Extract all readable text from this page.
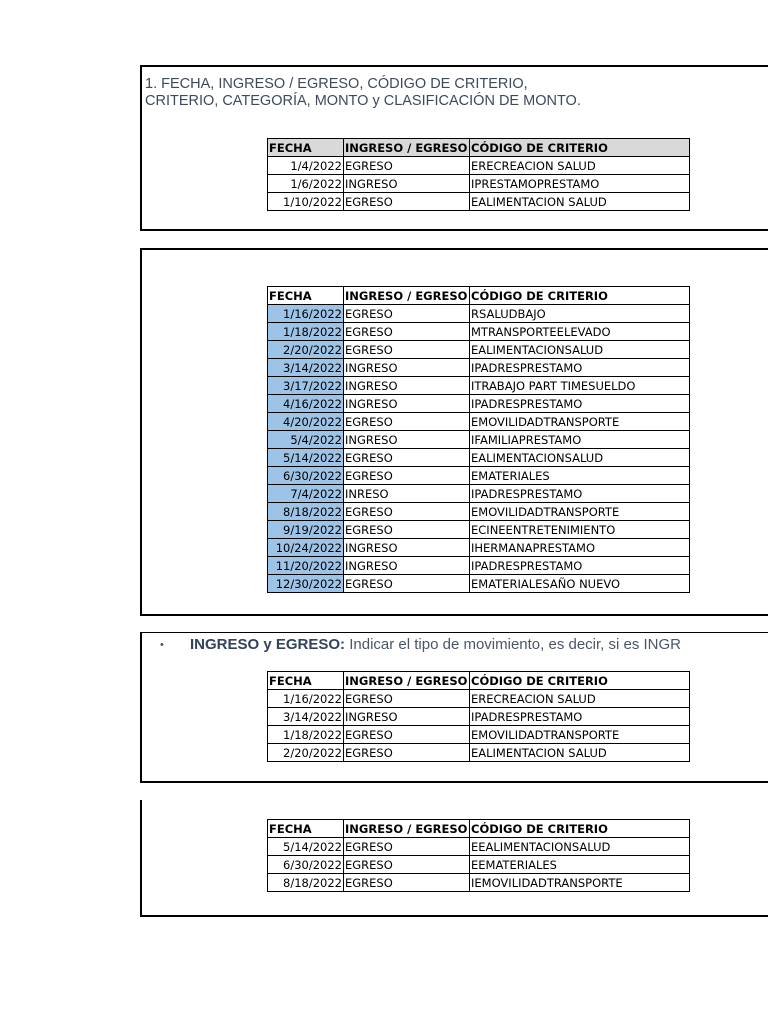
1. FECHA, INGRESO / EGRESO, CÓDIGO DE CRITERIO,
CRITERIO, CATEGORÍA, MONTO y CLASIFICACIÓN DE MONTO.
FECHA	INGRESO / EGRESO	CÓDIGO DE CRITERIO
1/4/2022	EGRESO	ERECREACION SALUD
1/6/2022	INGRESO	IPRESTAMOPRESTAMO
1/10/2022	EGRESO	EALIMENTACION SALUD
FECHA	INGRESO / EGRESO	CÓDIGO DE CRITERIO
1/16/2022	EGRESO	RSALUDBAJO
1/18/2022	EGRESO	MTRANSPORTEELEVADO
2/20/2022	EGRESO	EALIMENTACIONSALUD
3/14/2022	INGRESO	IPADRESPRESTAMO
3/17/2022	INGRESO	ITRABAJO PART TIMESUELDO
4/16/2022	INGRESO	IPADRESPRESTAMO
4/20/2022	EGRESO	EMOVILIDADTRANSPORTE
5/4/2022	INGRESO	IFAMILIAPRESTAMO
5/14/2022	EGRESO	EALIMENTACIONSALUD
6/30/2022	EGRESO	EMATERIALES
7/4/2022	INRESO	IPADRESPRESTAMO
8/18/2022	EGRESO	EMOVILIDADTRANSPORTE
9/19/2022	EGRESO	ECINEENTRETENIMIENTO
10/24/2022	INGRESO	IHERMANAPRESTAMO
11/20/2022	INGRESO	IPADRESPRESTAMO
12/30/2022	EGRESO	EMATERIALESAÑO NUEVO
• INGRESO y EGRESO: Indicar el tipo de movimiento, es decir, si es INGR
FECHA	INGRESO / EGRESO	CÓDIGO DE CRITERIO
1/16/2022	EGRESO	ERECREACION SALUD
3/14/2022	INGRESO	IPADRESPRESTAMO
1/18/2022	EGRESO	EMOVILIDADTRANSPORTE
2/20/2022	EGRESO	EALIMENTACION SALUD
FECHA	INGRESO / EGRESO	CÓDIGO DE CRITERIO
5/14/2022	EGRESO	EEALIMENTACIONSALUD
6/30/2022	EGRESO	EEMATERIALES
8/18/2022	EGRESO	IEMOVILIDADTRANSPORTE
